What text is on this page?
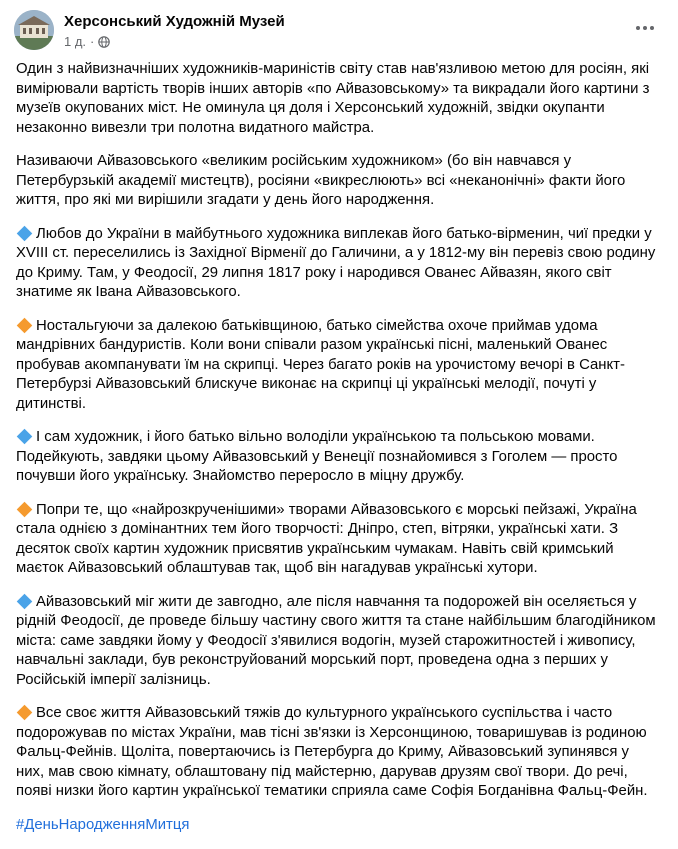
Херсонський Художній Музей
1 д. ·

Один з найвизначніших художників-мариністів світу став нав'язливою метою для росіян, які вимірювали вартість творів інших авторів «по Айвазовському» та викрадали його картини з музеїв окупованих міст. Не оминула ця доля і Херсонський художній, звідки окупанти незаконно вивезли три полотна видатного майстра.

Називаючи Айвазовського «великим російським художником» (бо він навчався у Петербурзькій академії мистецтв), росіяни «викреслюють» всі «неканонічні» факти його життя, про які ми вирішили згадати у день його народження.

Любов до України в майбутнього художника виплекав його батько-вірменин, чиї предки у XVIII ст. переселились із Західної Вірменії до Галичини, а у 1812-му він перевіз свою родину до Криму. Там, у Феодосії, 29 липня 1817 року і народився Ованес Айвазян, якого світ знатиме як Івана Айвазовського.

Ностальгуючи за далекою батьківщиною, батько сімейства охоче приймав удома мандрівних бандуристів. Коли вони співали разом українські пісні, маленький Ованес пробував акомпанувати їм на скрипці. Через багато років на урочистому вечорі в Санкт-Петербурзі Айвазовський блискуче виконає на скрипці ці українські мелодії, почуті у дитинстві.

І сам художник, і його батько вільно володіли українською та польською мовами. Подейкують, завдяки цьому Айвазовський у Венеції познайомився з Гоголем — просто почувши його українську. Знайомство переросло в міцну дружбу.

Попри те, що «найрозкрученішими» творами Айвазовського є морські пейзажі, Україна стала однією з домінантних тем його творчості: Дніпро, степ, вітряки, українські хати. З десяток своїх картин художник присвятив українським чумакам. Навіть свій кримський маєток Айвазовський облаштував так, щоб він нагадував українські хутори.

Айвазовський міг жити де завгодно, але після навчання та подорожей він оселяється у рідній Феодосії, де проведе більшу частину свого життя та стане найбільшим благодійником міста: саме завдяки йому у Феодосії з'явилися водогін, музей старожитностей і живопису, навчальні заклади, був реконструйований морський порт, проведена одна з перших у Російській імперії залізниць.

Все своє життя Айвазовський тяжів до культурного українського суспільства і часто подорожував по містах України, мав тісні зв'язки із Херсонщиною, товаришував із родиною Фальц-Фейнів. Щоліта, повертаючись із Петербурга до Криму, Айвазовський зупинявся у них, мав свою кімнату, облаштовану під майстерню, дарував друзям свої твори. До речі, появі низки його картин української тематики сприяла саме Софія Богданівна Фальц-Фейн.

#ДеньНародженняМитця
